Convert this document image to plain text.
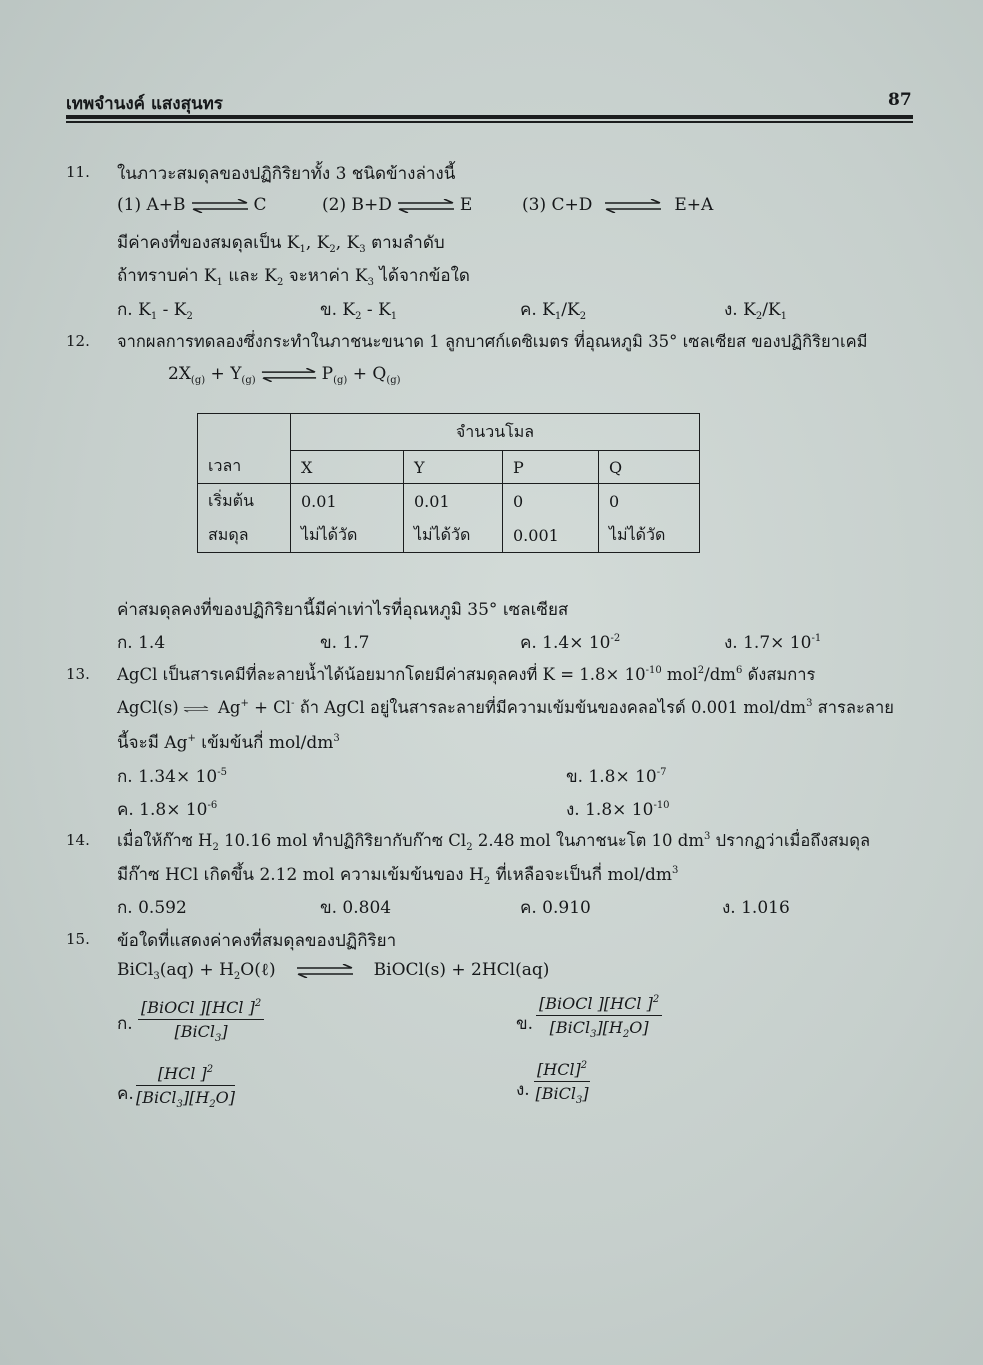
เทพจำนงค์ แสงสุนทร	87
11. ในภาวะสมดุลของปฏิกิริยาทั้ง 3 ชนิดข้างล่างนี้
(1) A+B	C	(2) B+D	E	(3) C+D	E+A
มีค่าคงที่ของสมดุลเป็น $K_1$, $K_2$, $K_3$ ตามลำดับ
ถ้าทราบค่า $K_1$ และ $K_2$ จะหาค่า $K_3$ ได้จากข้อใด
ก. $K_1 - K_2$	ข. $K_2 - K_1$	ค. $K_1/K_2$	ง. $K_2/K_1$
12. จากผลการทดลองซึ่งกระทำในภาชนะขนาด 1 ลูกบาศก์เดซิเมตร ที่อุณหภูมิ 35° เซลเซียส ของปฏิกิริยาเคมี
$2X_{(g)} + Y_{(g)}$	$P_{(g)} + Q_{(g)}$
เวลา	จำนวนโมล			
	X	Y	P	Q
เริ่มต้น	0.01	0.01	0	0
สมดุล	ไม่ได้วัด	ไม่ได้วัด	0.001	ไม่ได้วัด
ค่าสมดุลคงที่ของปฏิกิริยานี้มีค่าเท่าไรที่อุณหภูมิ 35° เซลเซียส
ก. 1.4	ข. 1.7	ค. $1.4\times 10^{-2}$	ง. $1.7\times 10^{-1}$
13. AgCl เป็นสารเคมีที่ละลายน้ำได้น้อยมากโดยมีค่าสมดุลคงที่ $K = 1.8\times 10^{-10}$ $mol^2/dm^6$ ดังสมการ
AgCl(s) Ag+ + Cl- ถ้า AgCl อยู่ในสารละลายที่มีความเข้มข้นของคลอไรด์ 0.001 mol/$dm^3$ สารละลาย
นี้จะมี Ag+ เข้มข้นกี่ mol/$dm^3$
ก. $1.34\times 10^{-5}$	ข. $1.8\times 10^{-7}$
ค. $1.8\times 10^{-6}$	ง. $1.8\times 10^{-10}$
14. เมื่อให้ก๊าซ $H_2$ 10.16 mol ทำปฏิกิริยากับก๊าซ $Cl_2$ 2.48 mol ในภาชนะโต 10 $dm^3$ ปรากฏว่าเมื่อถึงสมดุล
มีก๊าซ HCl เกิดขึ้น 2.12 mol ความเข้มข้นของ $H_2$ ที่เหลือจะเป็นกี่ mol/$dm^3$
ก. 0.592	ข. 0.804	ค. 0.910	ง. 1.016
15. ข้อใดที่แสดงค่าคงที่สมดุลของปฏิกิริยา
BiCl$_3$(aq) + $H_2O(\ell)$	BiOCl(s) + 2HCl(aq)
ก.
[BiOCl ][HCl ]$^2$
[BiCl$_3$]	ข.
[BiOCl ][HCl ]$^2$
$[BiCl_3][H_2O]$
ค.
[HCl ]$^2$
$[BiCl_3][H_2O]$	ง.
[HCl]$^2$
[BiCl$_3$]
